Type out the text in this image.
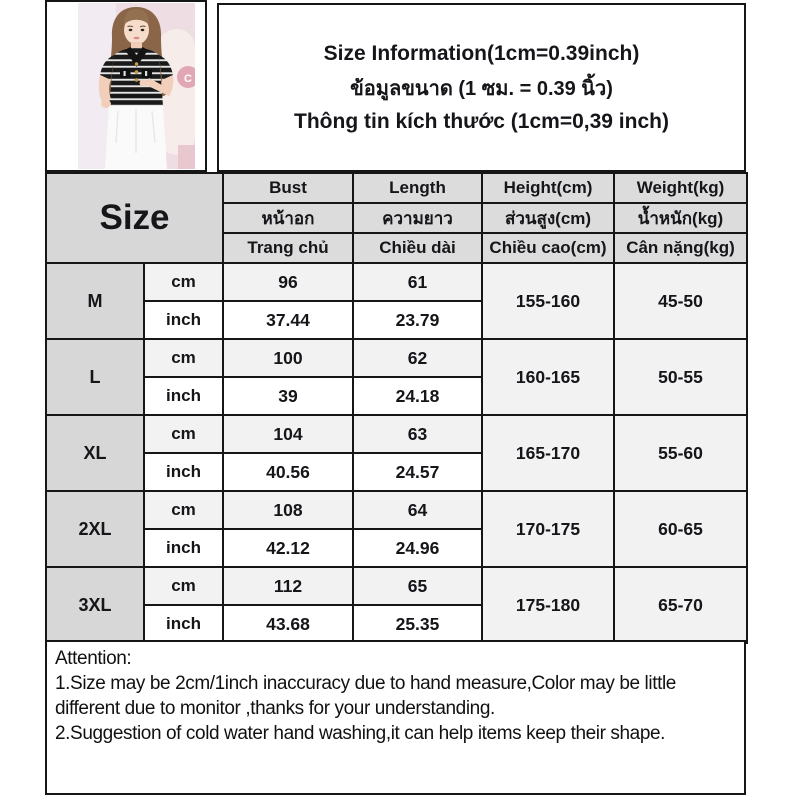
C
Size Information(1cm=0.39inch)
ข้อมูลขนาด (1 ซม. = 0.39 นิ้ว)
Thông tin kích thước (1cm=0,39 inch)
Size		Bust	Length	Height(cm)	Weight(kg)
		หน้าอก	ความยาว	ส่วนสูง(cm)	น้ำหนัก(kg)
		Trang chủ	Chiều dài	Chiều cao(cm)	Cân nặng(kg)
M	cm	96	61	155-160	45-50
	inch	37.44	23.79		
L	cm	100	62	160-165	50-55
	inch	39	24.18		
XL	cm	104	63	165-170	55-60
	inch	40.56	24.57		
2XL	cm	108	64	170-175	60-65
	inch	42.12	24.96		
3XL	cm	112	65	175-180	65-70
	inch	43.68	25.35		
Attention:
1.Size may be 2cm/1inch inaccuracy due to hand measure,Color may be little different due to monitor ,thanks for your understanding.
2.Suggestion of cold water hand washing,it can help items keep their shape.
